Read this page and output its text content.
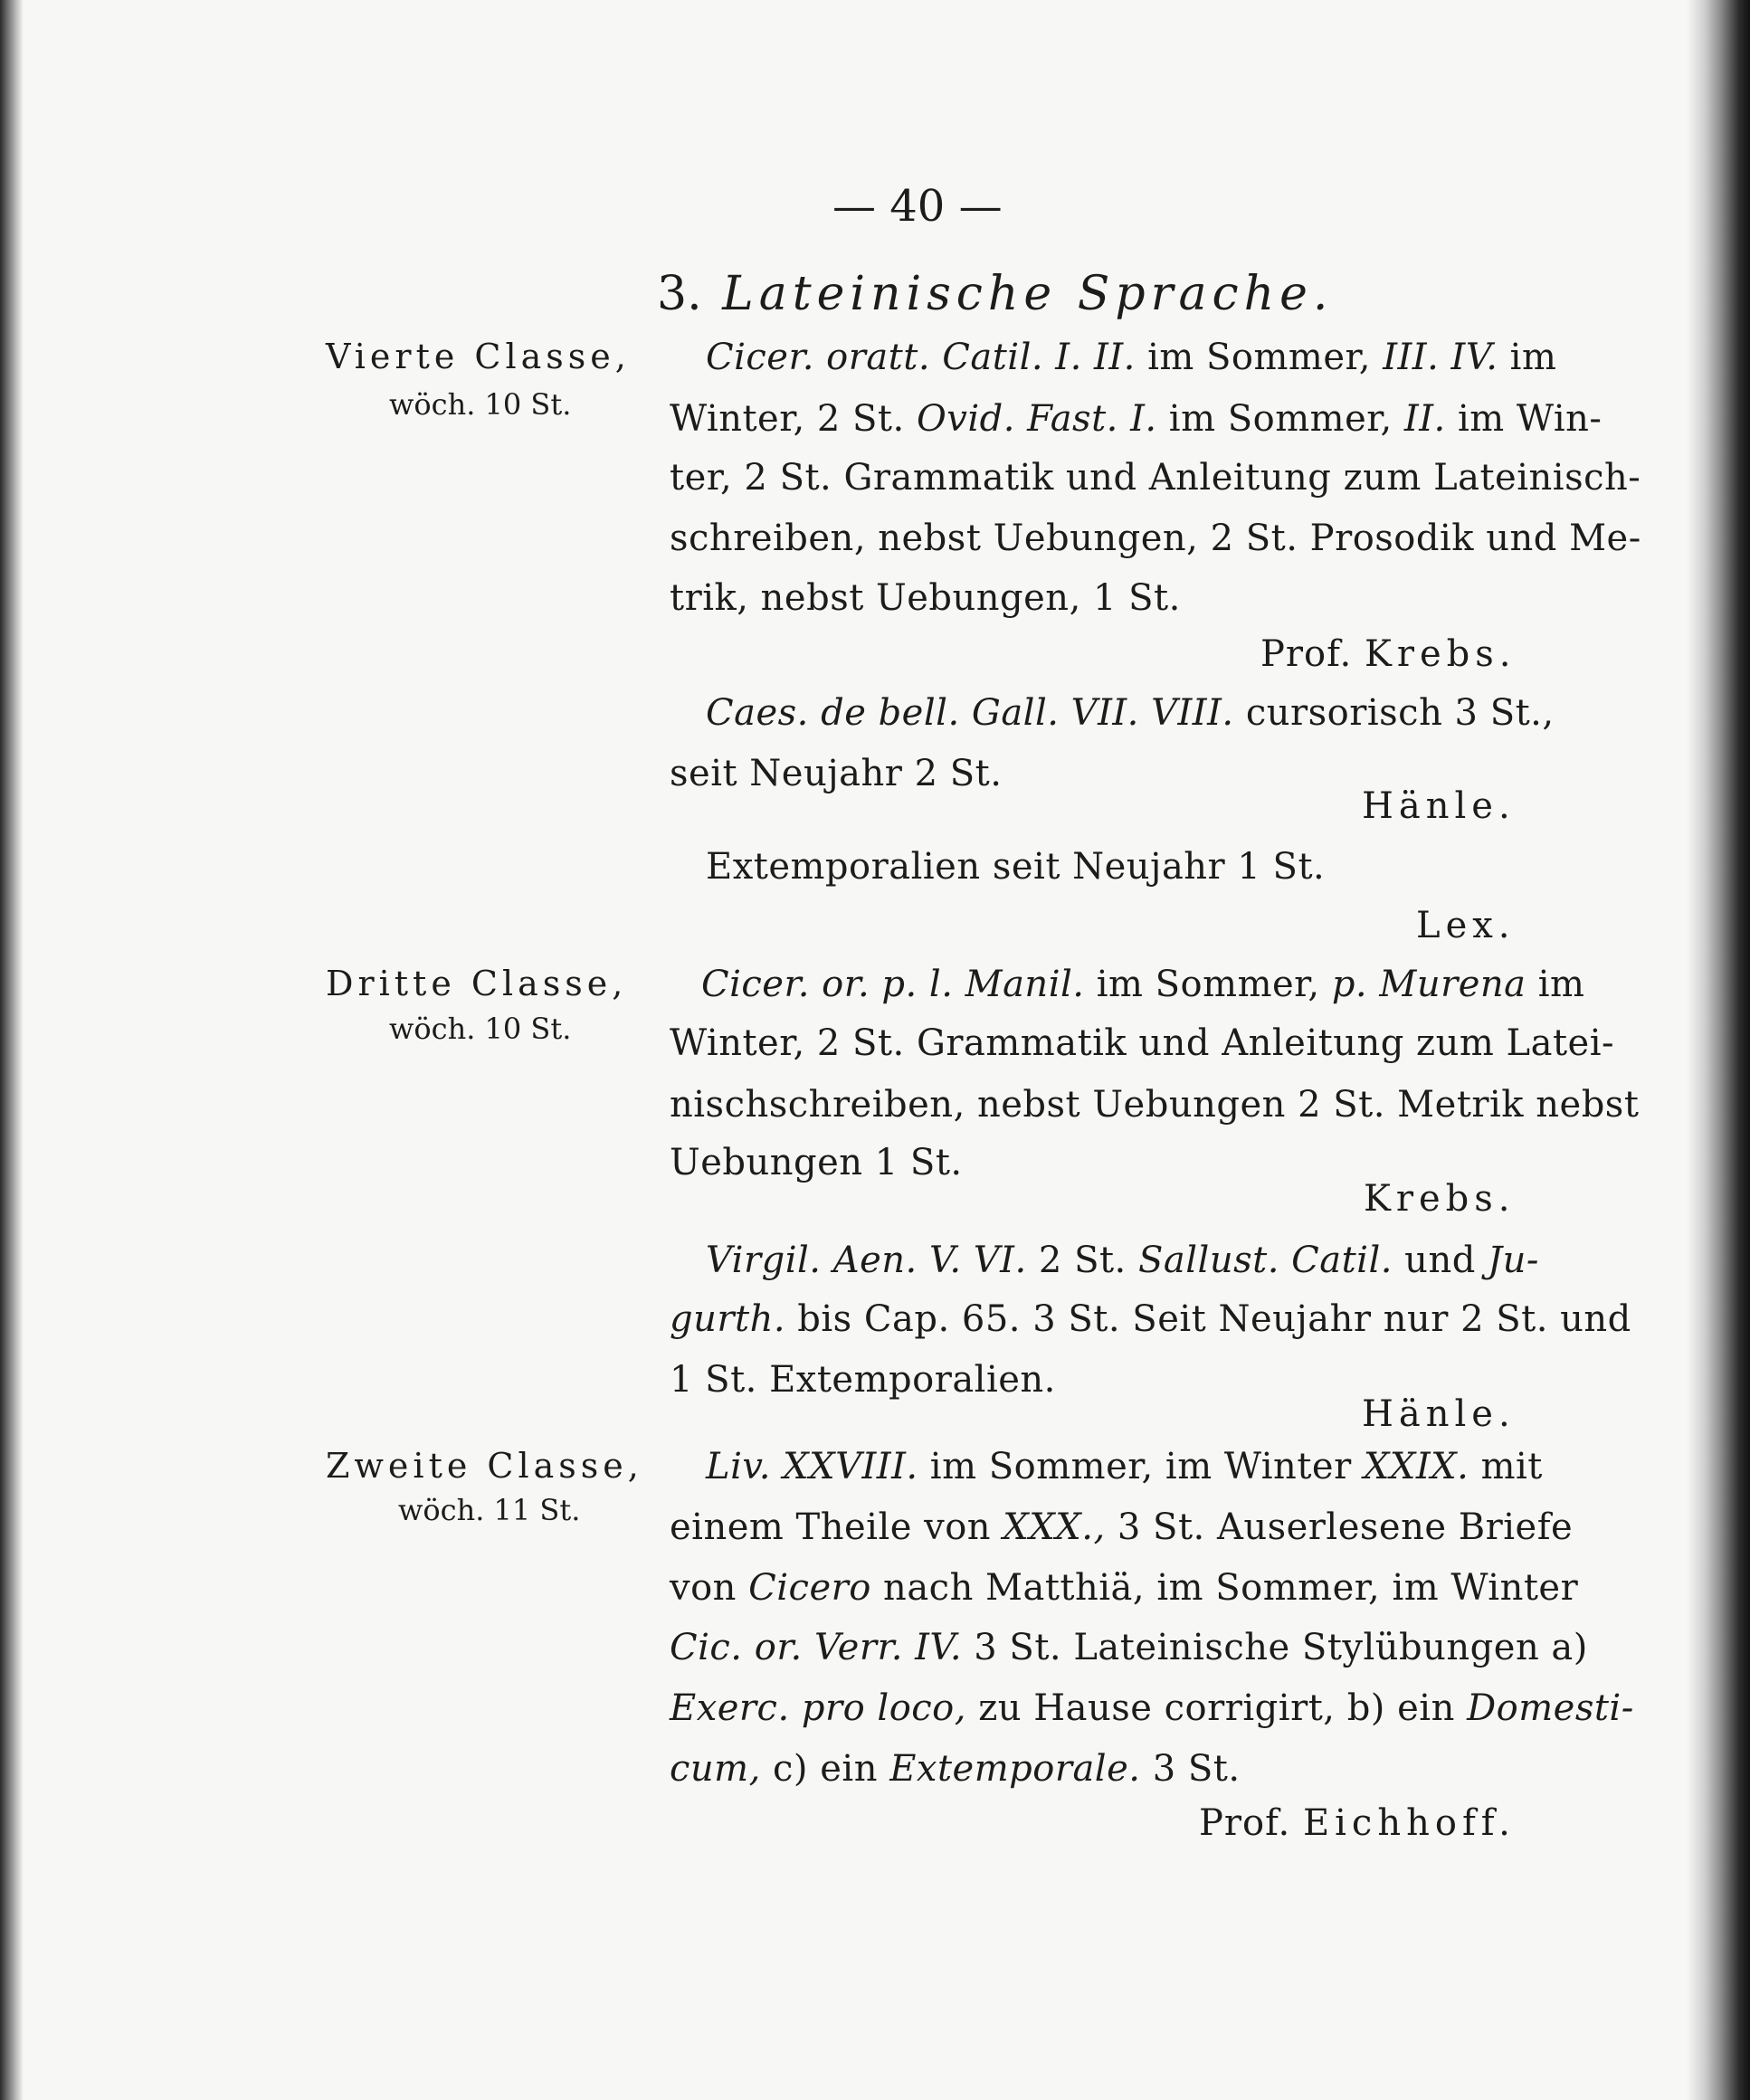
— 40 —
3. Lateinische Sprache.
Vierte Classe,
wöch. 10 St.
Cicer. oratt. Catil. I. II. im Sommer, III. IV. im
Winter, 2 St. Ovid. Fast. I. im Sommer, II. im Win-
ter, 2 St. Grammatik und Anleitung zum Lateinisch-
schreiben, nebst Uebungen, 2 St. Prosodik und Me-
trik, nebst Uebungen, 1 St.
Prof. Krebs.
Caes. de bell. Gall. VII. VIII. cursorisch 3 St.,
seit Neujahr 2 St.
Hänle.
Extemporalien seit Neujahr 1 St.
Lex.
Dritte Classe,
wöch. 10 St.
Cicer. or. p. l. Manil. im Sommer, p. Murena im
Winter, 2 St. Grammatik und Anleitung zum Latei-
nischschreiben, nebst Uebungen 2 St. Metrik nebst
Uebungen 1 St.
Krebs.
Virgil. Aen. V. VI. 2 St. Sallust. Catil. und Ju-
gurth. bis Cap. 65. 3 St. Seit Neujahr nur 2 St. und
1 St. Extemporalien.
Hänle.
Zweite Classe,
wöch. 11 St.
Liv. XXVIII. im Sommer, im Winter XXIX. mit
einem Theile von XXX., 3 St. Auserlesene Briefe
von Cicero nach Matthiä, im Sommer, im Winter
Cic. or. Verr. IV. 3 St. Lateinische Stylübungen a)
Exerc. pro loco, zu Hause corrigirt, b) ein Domesti-
cum, c) ein Extemporale. 3 St.
Prof. Eichhoff.
